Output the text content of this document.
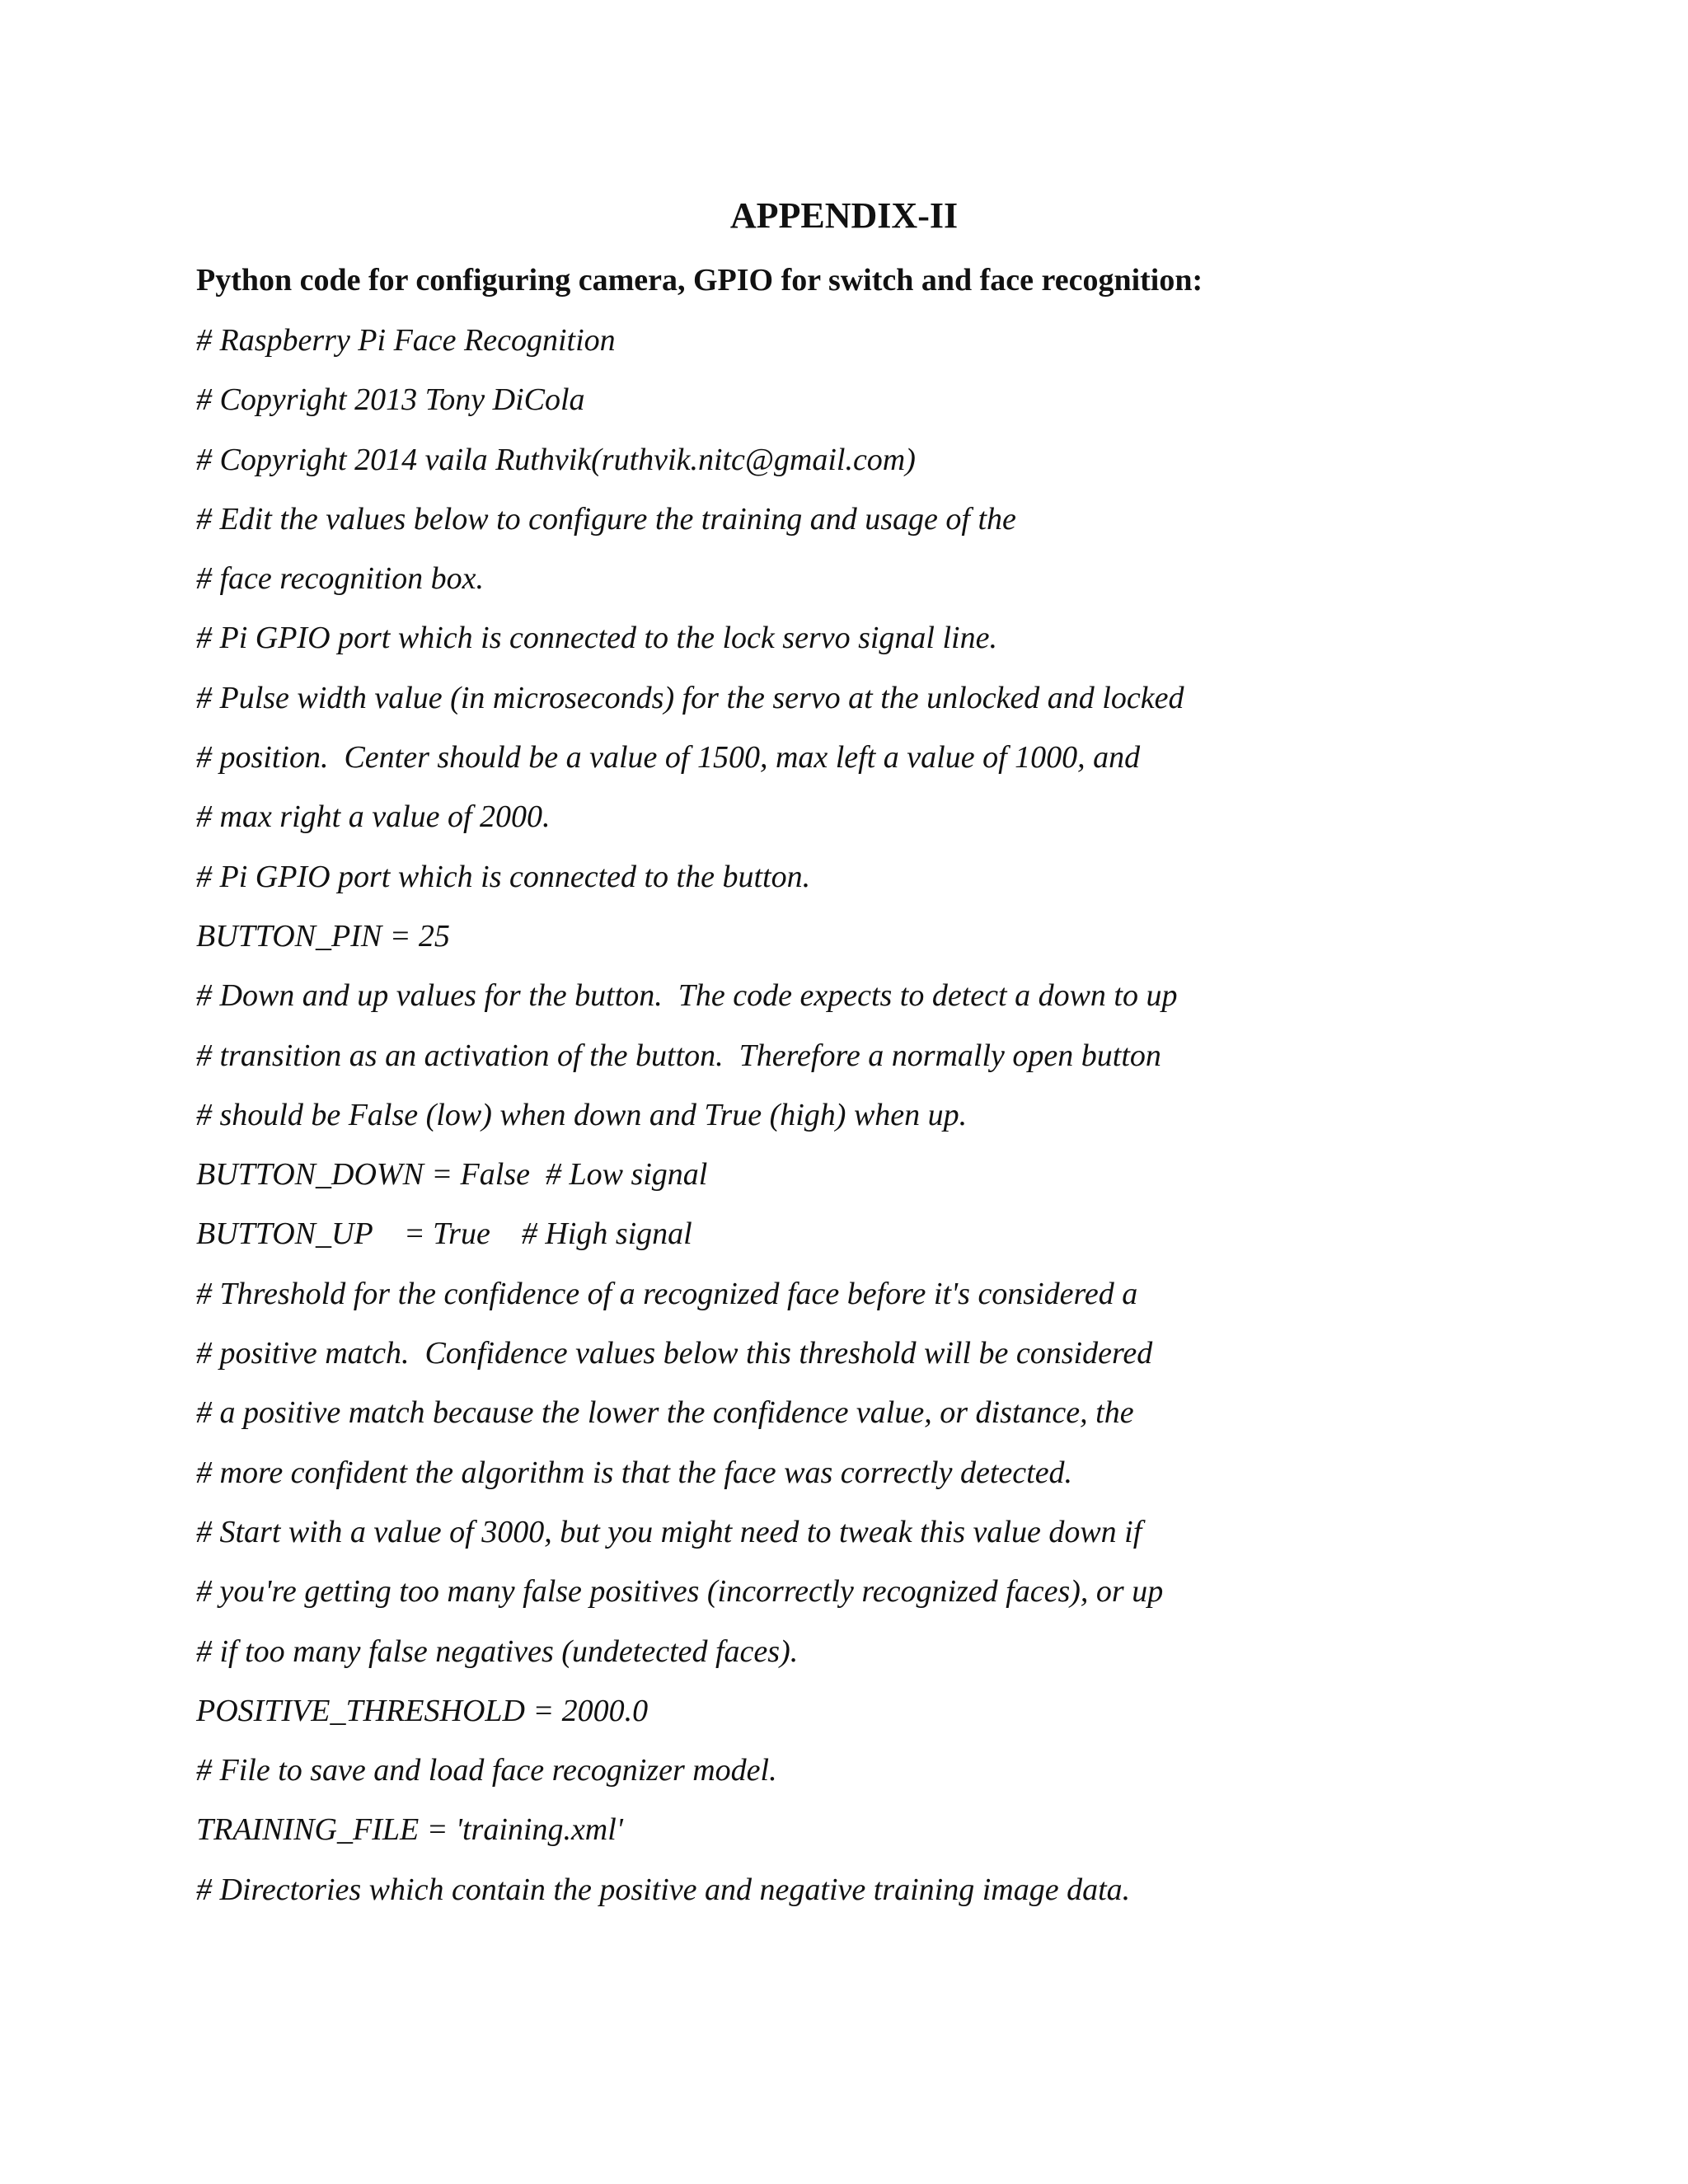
APPENDIX-II
Python code for configuring camera, GPIO for switch and face recognition:
# Raspberry Pi Face Recognition
# Copyright 2013 Tony DiCola
# Copyright 2014 vaila Ruthvik(ruthvik.nitc@gmail.com)
# Edit the values below to configure the training and usage of the
# face recognition box.
# Pi GPIO port which is connected to the lock servo signal line.
# Pulse width value (in microseconds) for the servo at the unlocked and locked
# position.  Center should be a value of 1500, max left a value of 1000, and
# max right a value of 2000.
# Pi GPIO port which is connected to the button.
BUTTON_PIN = 25
# Down and up values for the button.  The code expects to detect a down to up
# transition as an activation of the button.  Therefore a normally open button
# should be False (low) when down and True (high) when up.
BUTTON_DOWN = False  # Low signal
BUTTON_UP    = True    # High signal
# Threshold for the confidence of a recognized face before it's considered a
# positive match.  Confidence values below this threshold will be considered
# a positive match because the lower the confidence value, or distance, the
# more confident the algorithm is that the face was correctly detected.
# Start with a value of 3000, but you might need to tweak this value down if
# you're getting too many false positives (incorrectly recognized faces), or up
# if too many false negatives (undetected faces).
POSITIVE_THRESHOLD = 2000.0
# File to save and load face recognizer model.
TRAINING_FILE = 'training.xml'
# Directories which contain the positive and negative training image data.
